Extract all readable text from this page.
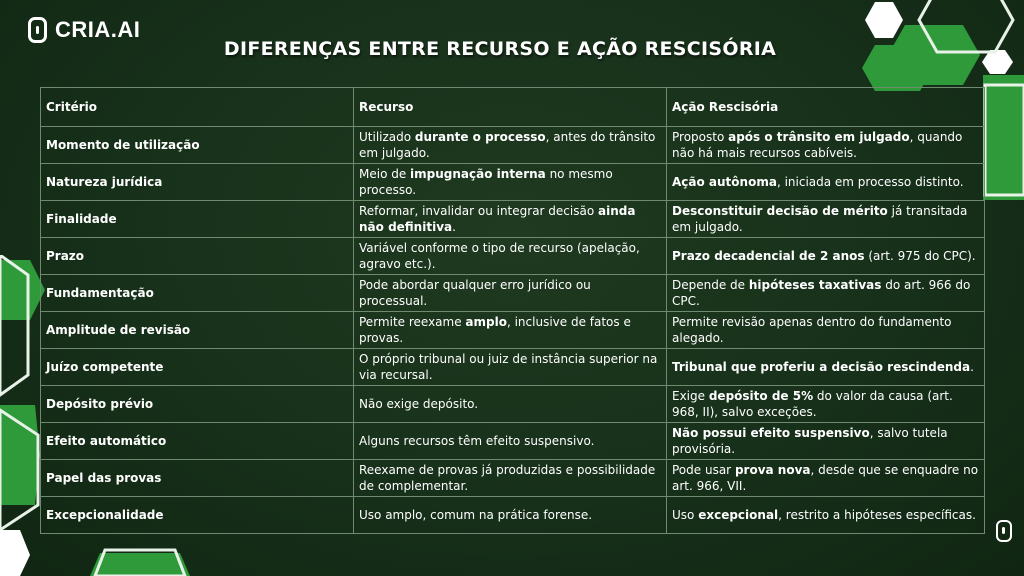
CRIA.AI
DIFERENÇAS ENTRE RECURSO E AÇÃO RESCISÓRIA
Critério	Recurso	Ação Rescisória
Momento de utilização	Utilizado durante o processo, antes do trânsito em julgado.	Proposto após o trânsito em julgado, quando não há mais recursos cabíveis.
Natureza jurídica	Meio de impugnação interna no mesmo processo.	Ação autônoma, iniciada em processo distinto.
Finalidade	Reformar, invalidar ou integrar decisão ainda não definitiva.	Desconstituir decisão de mérito já transitada em julgado.
Prazo	Variável conforme o tipo de recurso (apelação, agravo etc.).	Prazo decadencial de 2 anos (art. 975 do CPC).
Fundamentação	Pode abordar qualquer erro jurídico ou processual.	Depende de hipóteses taxativas do art. 966 do CPC.
Amplitude de revisão	Permite reexame amplo, inclusive de fatos e provas.	Permite revisão apenas dentro do fundamento alegado.
Juízo competente	O próprio tribunal ou juiz de instância superior na via recursal.	Tribunal que proferiu a decisão rescindenda.
Depósito prévio	Não exige depósito.	Exige depósito de 5% do valor da causa (art. 968, II), salvo exceções.
Efeito automático	Alguns recursos têm efeito suspensivo.	Não possui efeito suspensivo, salvo tutela provisória.
Papel das provas	Reexame de provas já produzidas e possibilidade de complementar.	Pode usar prova nova, desde que se enquadre no art. 966, VII.
Excepcionalidade	Uso amplo, comum na prática forense.	Uso excepcional, restrito a hipóteses específicas.
